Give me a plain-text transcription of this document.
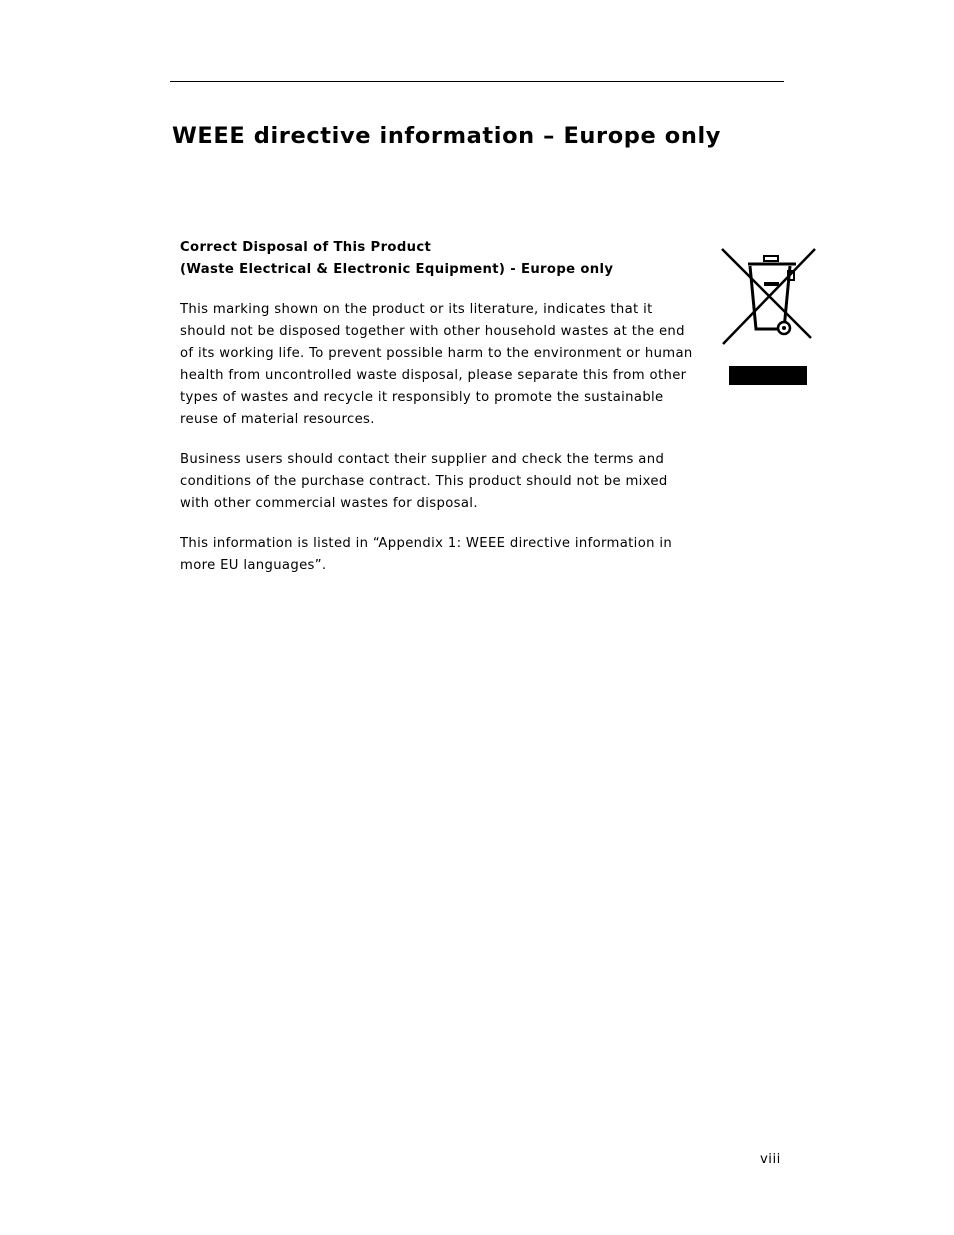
WEEE directive information – Europe only
Correct Disposal of This Product
(Waste Electrical & Electronic Equipment) - Europe only

This marking shown on the product or its literature, indicates that it should not be disposed together with other household wastes at the end of its working life. To prevent possible harm to the environment or human health from uncontrolled waste disposal, please separate this from other types of wastes and recycle it responsibly to promote the sustainable reuse of material resources.

Business users should contact their supplier and check the terms and conditions of the purchase contract. This product should not be mixed with other commercial wastes for disposal.

This information is listed in “Appendix 1: WEEE directive information in more EU languages”.

viii
